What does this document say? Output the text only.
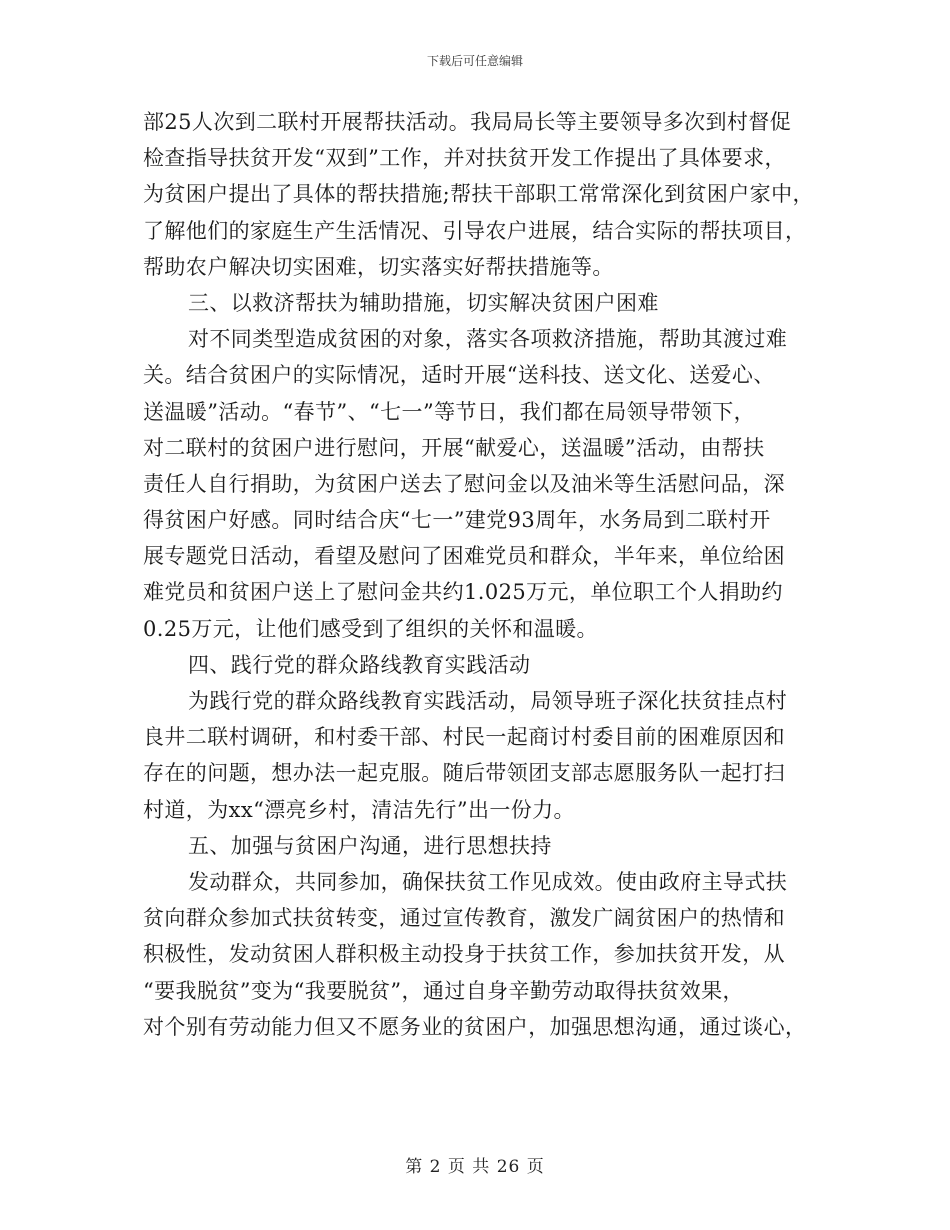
下载后可任意编辑
部25人次到二联村开展帮扶活动。我局局长等主要领导多次到村督促
检查指导扶贫开发“双到”工作，并对扶贫开发工作提出了具体要求，
为贫困户提出了具体的帮扶措施;帮扶干部职工常常深化到贫困户家中，
了解他们的家庭生产生活情况、引导农户进展，结合实际的帮扶项目，
帮助农户解决切实困难，切实落实好帮扶措施等。
三、以救济帮扶为辅助措施，切实解决贫困户困难
对不同类型造成贫困的对象，落实各项救济措施，帮助其渡过难
关。结合贫困户的实际情况，适时开展“送科技、送文化、送爱心、
送温暖”活动。“春节”、“七一”等节日，我们都在局领导带领下，
对二联村的贫困户进行慰问，开展“献爱心，送温暖”活动，由帮扶
责任人自行捐助，为贫困户送去了慰问金以及油米等生活慰问品，深
得贫困户好感。同时结合庆“七一”建党93周年，水务局到二联村开
展专题党日活动，看望及慰问了困难党员和群众，半年来，单位给困
难党员和贫困户送上了慰问金共约1.025万元，单位职工个人捐助约
0.25万元，让他们感受到了组织的关怀和温暖。
四、践行党的群众路线教育实践活动
为践行党的群众路线教育实践活动，局领导班子深化扶贫挂点村
良井二联村调研，和村委干部、村民一起商讨村委目前的困难原因和
存在的问题，想办法一起克服。随后带领团支部志愿服务队一起打扫
村道，为xx“漂亮乡村，清洁先行”出一份力。
五、加强与贫困户沟通，进行思想扶持
发动群众，共同参加，确保扶贫工作见成效。使由政府主导式扶
贫向群众参加式扶贫转变，通过宣传教育，激发广阔贫困户的热情和
积极性，发动贫困人群积极主动投身于扶贫工作，参加扶贫开发，从
“要我脱贫”变为“我要脱贫”，通过自身辛勤劳动取得扶贫效果，
对个别有劳动能力但又不愿务业的贫困户，加强思想沟通，通过谈心，
第 2 页 共 26 页
